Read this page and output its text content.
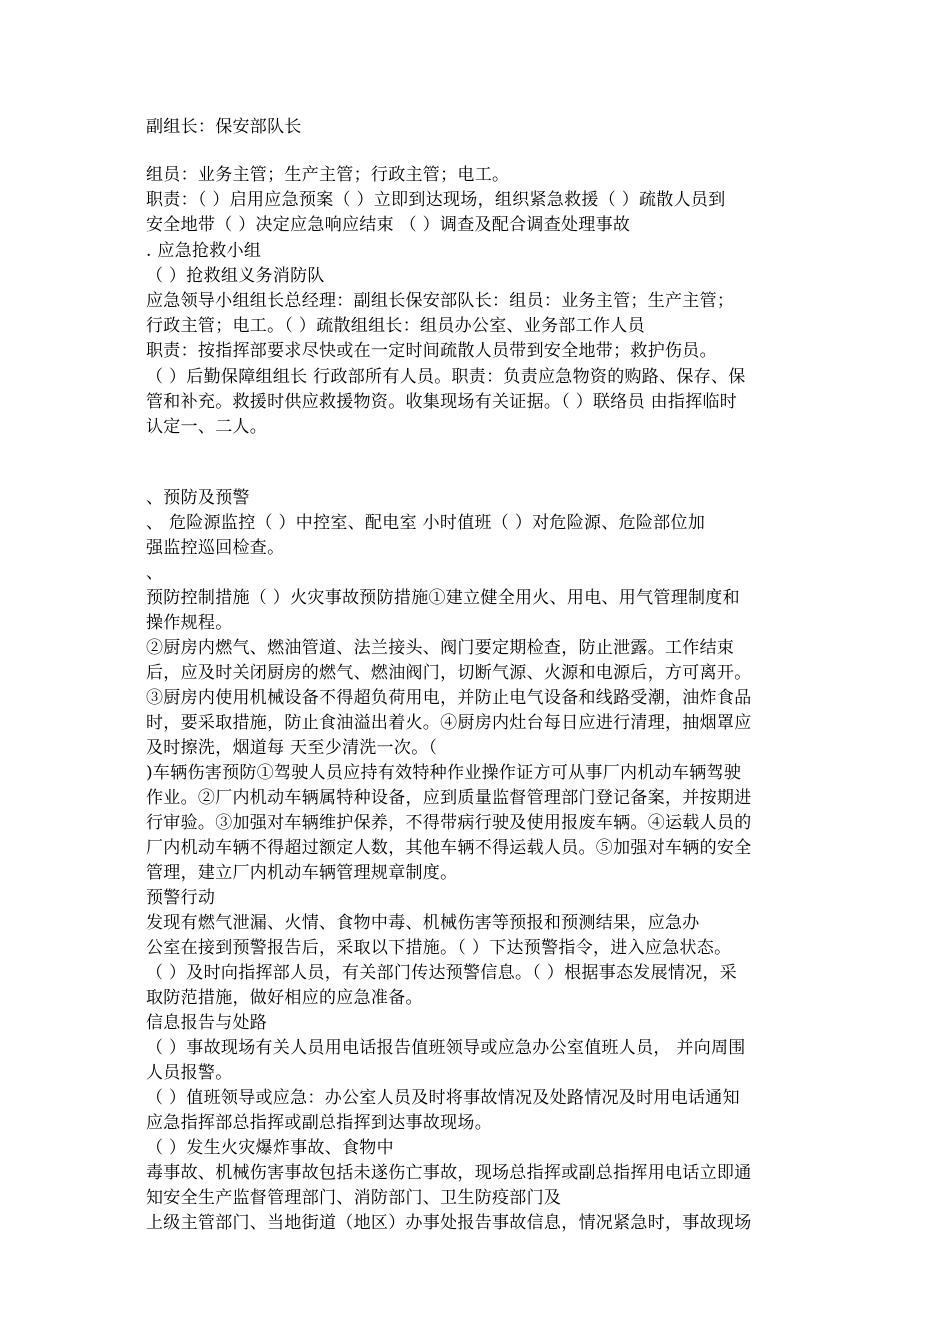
副组长：保安部队长
组员：业务主管；生产主管；行政主管；电工。
职责：（ ）启用应急预案（ ）立即到达现场，组织紧急救援（ ）疏散人员到
安全地带（ ）决定应急响应结束 （ ）调查及配合调查处理事故
. 应急抢救小组
（ ）抢救组义务消防队
应急领导小组组长总经理：副组长保安部队长：组员：业务主管；生产主管；
行政主管；电工。（ ）疏散组组长：组员办公室、业务部工作人员
职责：按指挥部要求尽快或在一定时间疏散人员带到安全地带；救护伤员。
（ ）后勤保障组组长 行政部所有人员。职责：负责应急物资的购路、保存、保
管和补充。救援时供应救援物资。收集现场有关证据。（ ）联络员 由指挥临时
认定一、二人。
、预防及预警
、 危险源监控（ ）中控室、配电室 小时值班（ ）对危险源、危险部位加
强监控巡回检查。
、
预防控制措施（ ）火灾事故预防措施①建立健全用火、用电、用气管理制度和
操作规程。
②厨房内燃气、燃油管道、法兰接头、阀门要定期检查，防止泄露。工作结束
后，应及时关闭厨房的燃气、燃油阀门，切断气源、火源和电源后，方可离开。
③厨房内使用机械设备不得超负荷用电，并防止电气设备和线路受潮，油炸食品
时，要采取措施，防止食油溢出着火。④厨房内灶台每日应进行清理，抽烟罩应
及时擦洗，烟道每 天至少清洗一次。（
)车辆伤害预防①驾驶人员应持有效特种作业操作证方可从事厂内机动车辆驾驶
作业。②厂内机动车辆属特种设备，应到质量监督管理部门登记备案，并按期进
行审验。③加强对车辆维护保养，不得带病行驶及使用报废车辆。④运载人员的
厂内机动车辆不得超过额定人数，其他车辆不得运载人员。⑤加强对车辆的安全
管理，建立厂内机动车辆管理规章制度。
预警行动
发现有燃气泄漏、火情、食物中毒、机械伤害等预报和预测结果，应急办
公室在接到预警报告后，采取以下措施。（ ）下达预警指令，进入应急状态。
（ ）及时向指挥部人员，有关部门传达预警信息。（ ）根据事态发展情况，采
取防范措施，做好相应的应急准备。
信息报告与处路
（ ）事故现场有关人员用电话报告值班领导或应急办公室值班人员， 并向周围
人员报警。
（ ）值班领导或应急：办公室人员及时将事故情况及处路情况及时用电话通知
应急指挥部总指挥或副总指挥到达事故现场。
（ ）发生火灾爆炸事故、食物中
毒事故、机械伤害事故包括未遂伤亡事故，现场总指挥或副总指挥用电话立即通
知安全生产监督管理部门、消防部门、卫生防疫部门及
上级主管部门、当地街道（地区）办事处报告事故信息，情况紧急时，事故现场
